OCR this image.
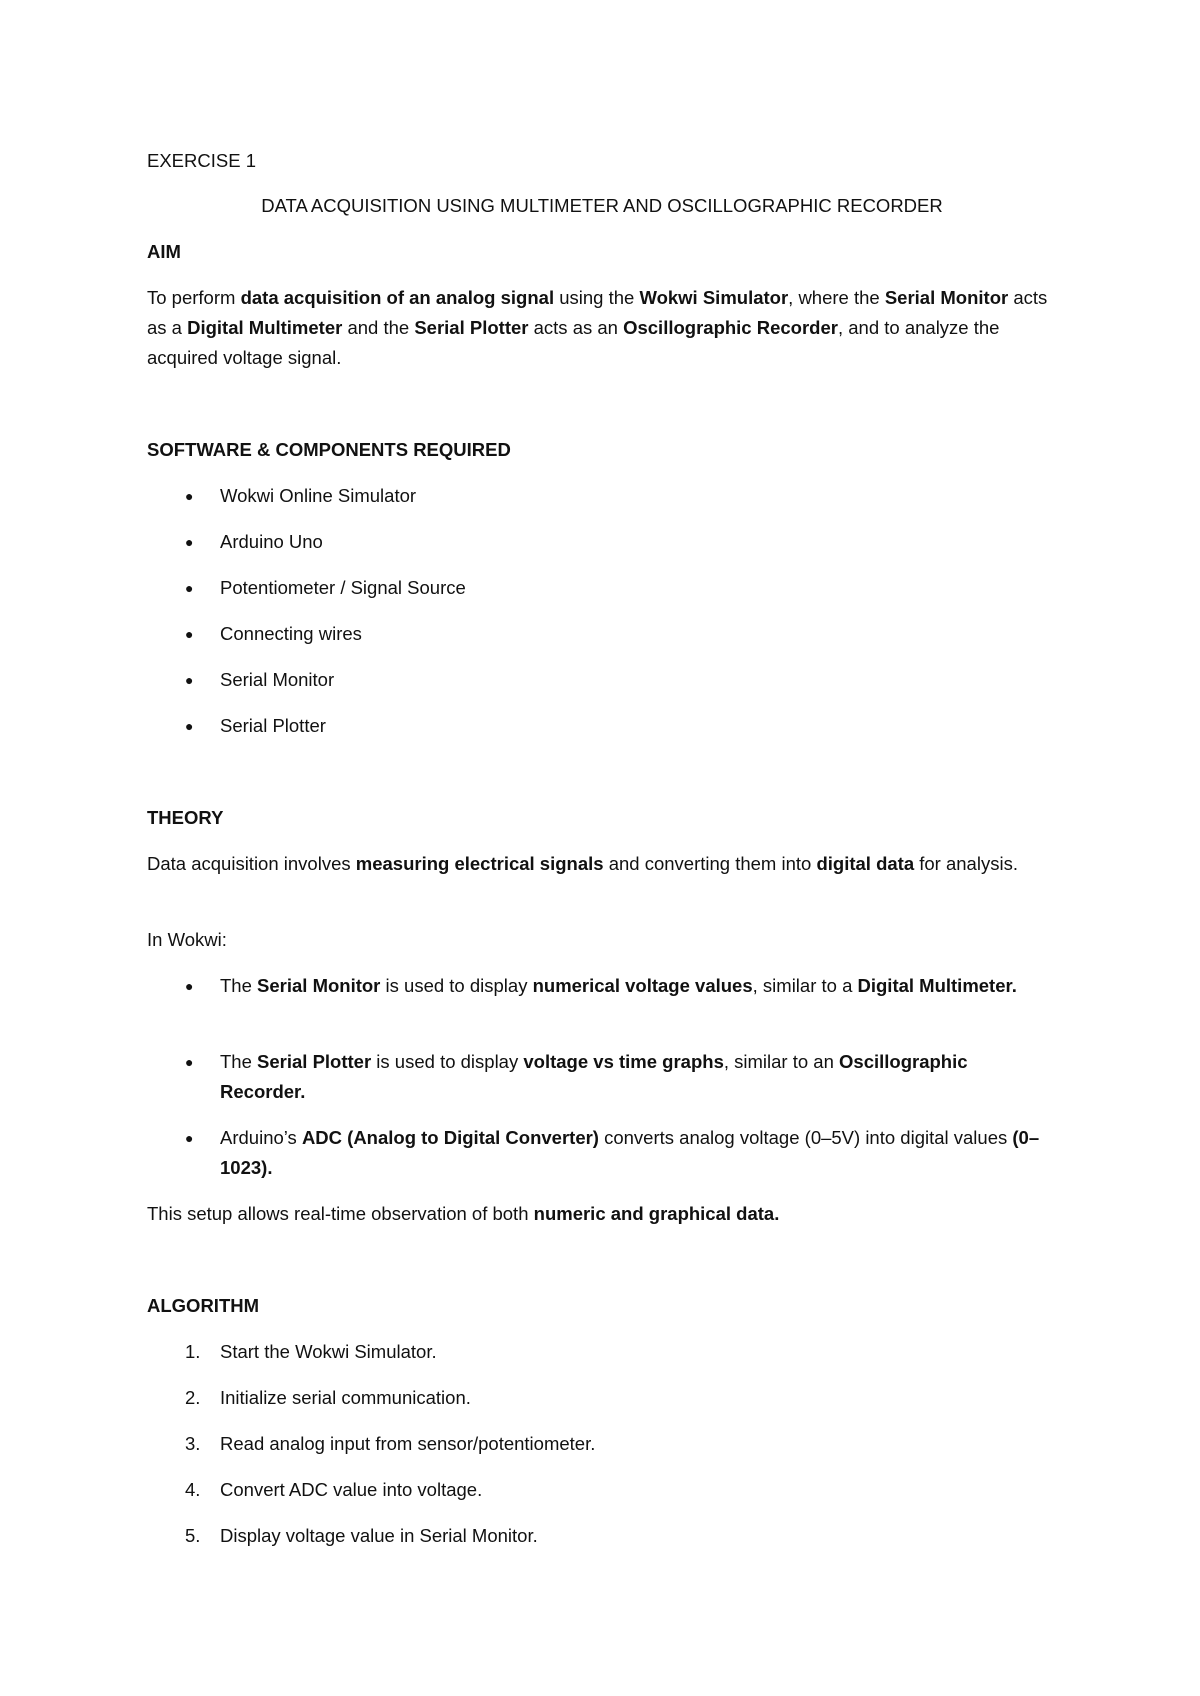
EXERCISE 1
DATA ACQUISITION USING MULTIMETER AND OSCILLOGRAPHIC RECORDER
AIM
To perform data acquisition of an analog signal using the Wokwi Simulator, where the Serial Monitor acts as a Digital Multimeter and the Serial Plotter acts as an Oscillographic Recorder, and to analyze the acquired voltage signal.
SOFTWARE & COMPONENTS REQUIRED
●	Wokwi Online Simulator
●	Arduino Uno
●	Potentiometer / Signal Source
●	Connecting wires
●	Serial Monitor
●	Serial Plotter
THEORY
Data acquisition involves measuring electrical signals and converting them into digital data for analysis.
In Wokwi:
●	The Serial Monitor is used to display numerical voltage values, similar to a Digital Multimeter.
●	The Serial Plotter is used to display voltage vs time graphs, similar to an Oscillographic Recorder.
●	Arduino’s ADC (Analog to Digital Converter) converts analog voltage (0–5V) into digital values (0–1023).
This setup allows real-time observation of both numeric and graphical data.
ALGORITHM
1. Start the Wokwi Simulator.
2. Initialize serial communication.
3. Read analog input from sensor/potentiometer.
4. Convert ADC value into voltage.
5. Display voltage value in Serial Monitor.
